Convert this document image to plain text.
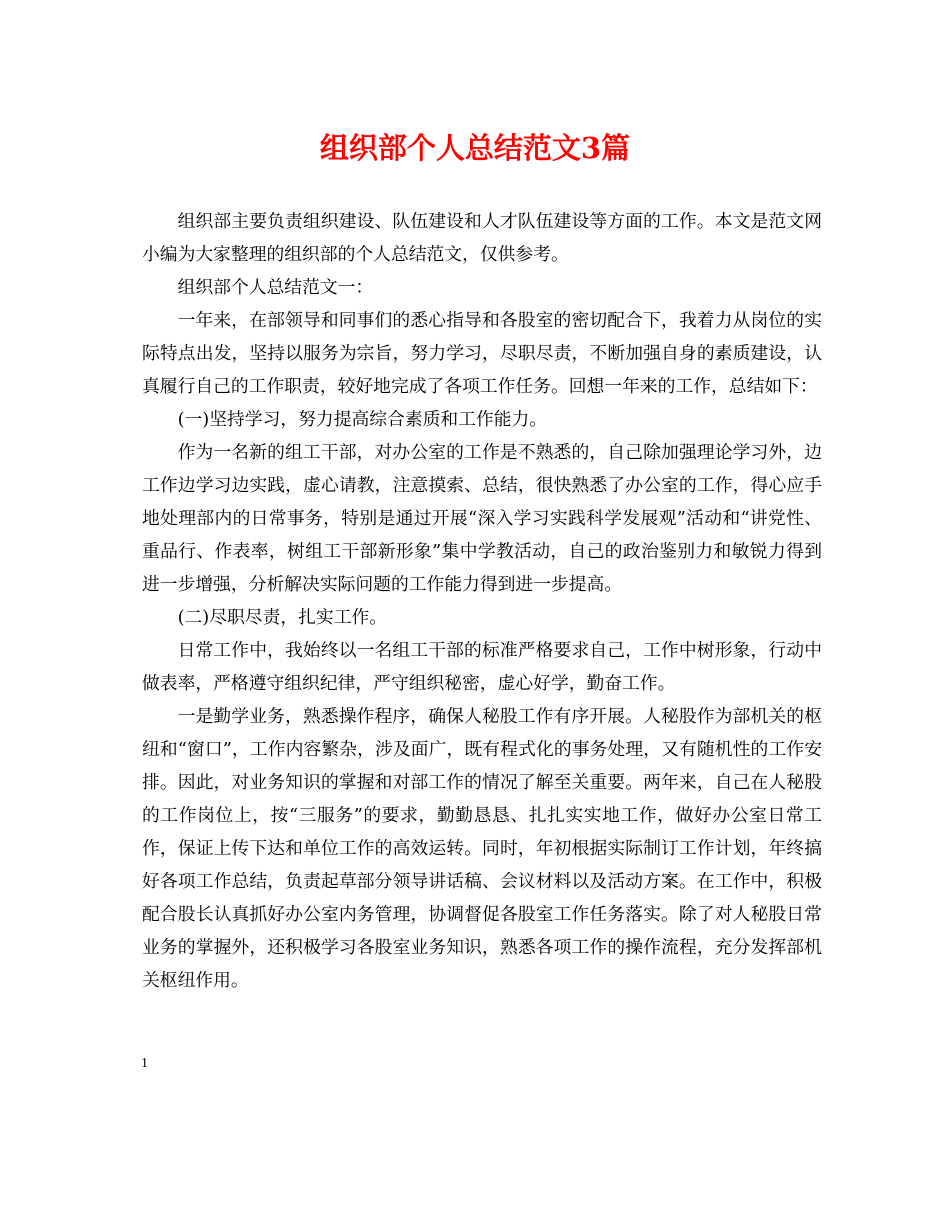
组织部个人总结范文3篇

组织部主要负责组织建设、队伍建设和人才队伍建设等方面的工作。本文是范文网小编为大家整理的组织部的个人总结范文，仅供参考。

组织部个人总结范文一：

一年来，在部领导和同事们的悉心指导和各股室的密切配合下，我着力从岗位的实际特点出发，坚持以服务为宗旨，努力学习，尽职尽责，不断加强自身的素质建设，认真履行自己的工作职责，较好地完成了各项工作任务。回想一年来的工作，总结如下：

(一)坚持学习，努力提高综合素质和工作能力。

作为一名新的组工干部，对办公室的工作是不熟悉的，自己除加强理论学习外，边工作边学习边实践，虚心请教，注意摸索、总结，很快熟悉了办公室的工作，得心应手地处理部内的日常事务，特别是通过开展“深入学习实践科学发展观”活动和“讲党性、重品行、作表率，树组工干部新形象”集中学教活动，自己的政治鉴别力和敏锐力得到进一步增强，分析解决实际问题的工作能力得到进一步提高。

(二)尽职尽责，扎实工作。

日常工作中，我始终以一名组工干部的标准严格要求自己，工作中树形象，行动中做表率，严格遵守组织纪律，严守组织秘密，虚心好学，勤奋工作。

一是勤学业务，熟悉操作程序，确保人秘股工作有序开展。人秘股作为部机关的枢纽和“窗口”，工作内容繁杂，涉及面广，既有程式化的事务处理，又有随机性的工作安排。因此，对业务知识的掌握和对部工作的情况了解至关重要。两年来，自己在人秘股的工作岗位上，按“三服务”的要求，勤勤恳恳、扎扎实实地工作，做好办公室日常工作，保证上传下达和单位工作的高效运转。同时，年初根据实际制订工作计划，年终搞好各项工作总结，负责起草部分领导讲话稿、会议材料以及活动方案。在工作中，积极配合股长认真抓好办公室内务管理，协调督促各股室工作任务落实。除了对人秘股日常业务的掌握外，还积极学习各股室业务知识，熟悉各项工作的操作流程，充分发挥部机关枢纽作用。

1
